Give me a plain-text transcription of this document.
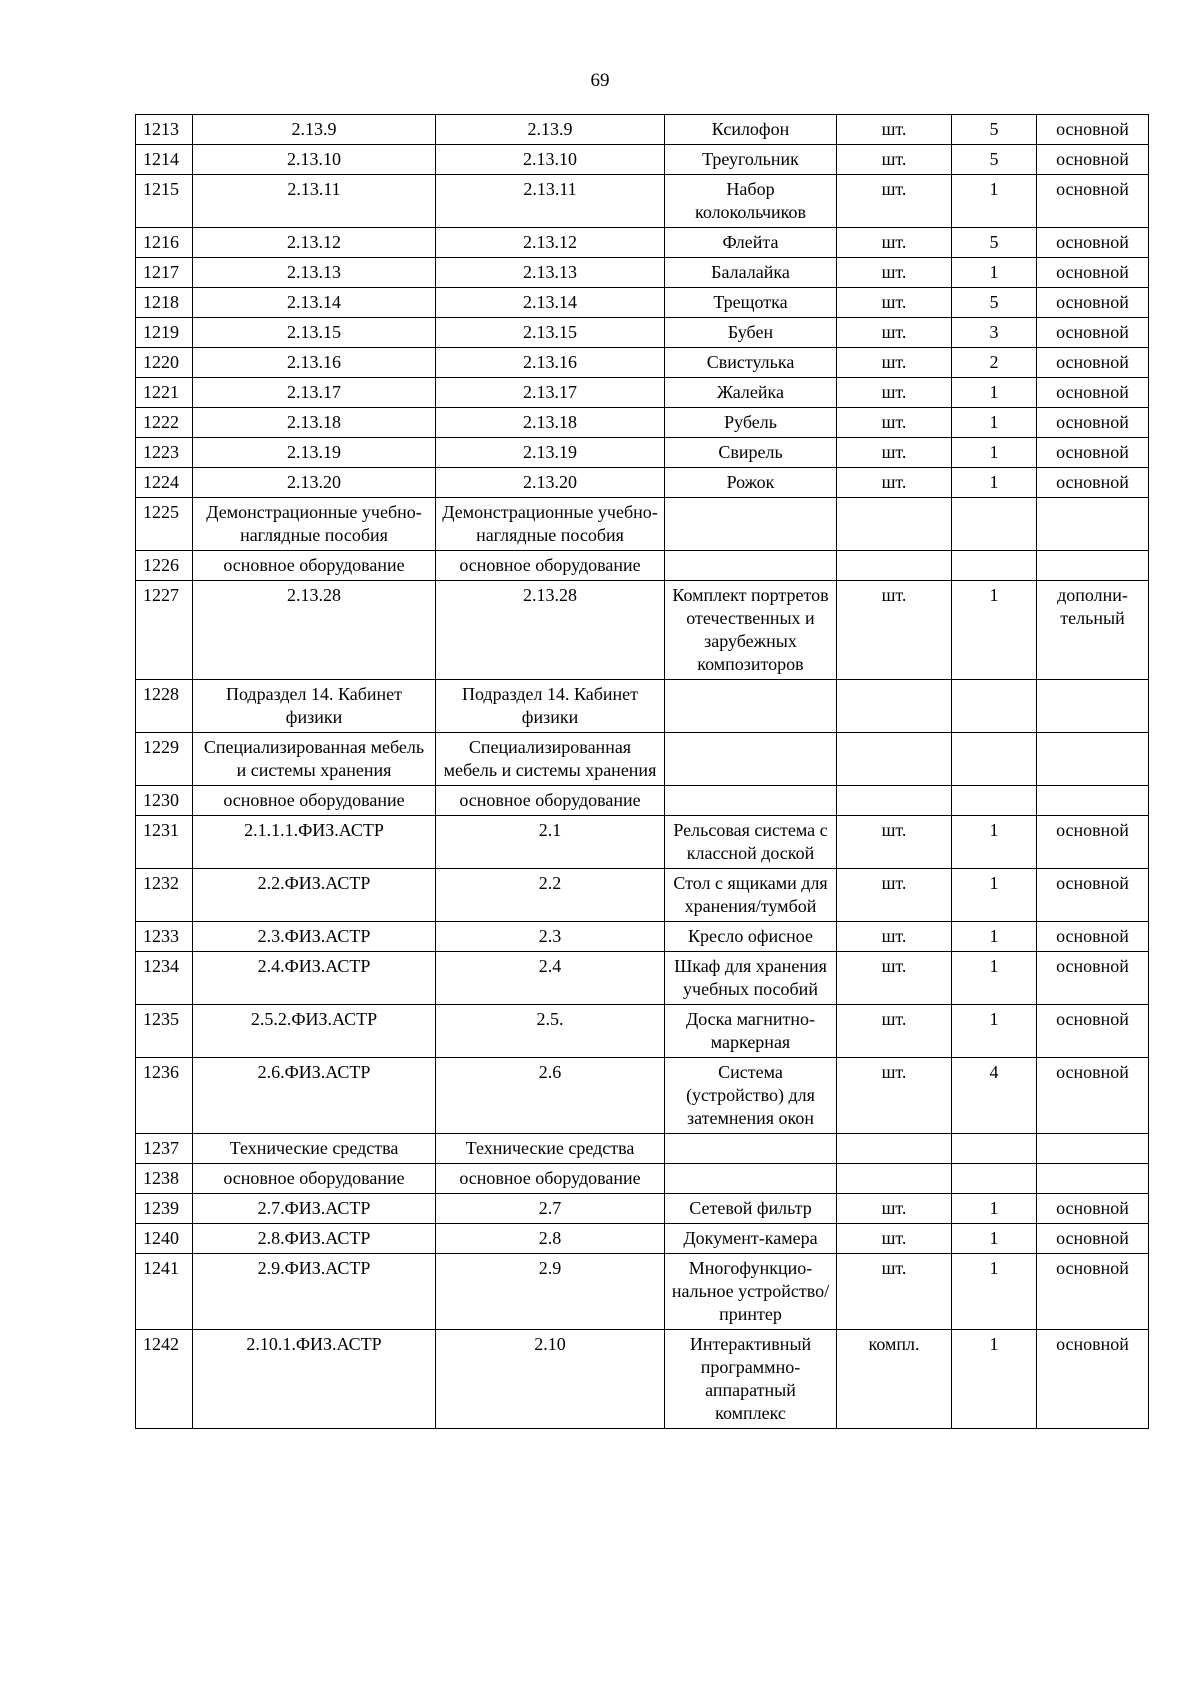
69
1213	2.13.9	2.13.9	Ксилофон	шт.	5	основной
1214	2.13.10	2.13.10	Треугольник	шт.	5	основной
1215	2.13.11	2.13.11	Набор колокольчиков	шт.	1	основной
1216	2.13.12	2.13.12	Флейта	шт.	5	основной
1217	2.13.13	2.13.13	Балалайка	шт.	1	основной
1218	2.13.14	2.13.14	Трещотка	шт.	5	основной
1219	2.13.15	2.13.15	Бубен	шт.	3	основной
1220	2.13.16	2.13.16	Свистулька	шт.	2	основной
1221	2.13.17	2.13.17	Жалейка	шт.	1	основной
1222	2.13.18	2.13.18	Рубель	шт.	1	основной
1223	2.13.19	2.13.19	Свирель	шт.	1	основной
1224	2.13.20	2.13.20	Рожок	шт.	1	основной
1225	Демонстрационные учебно-наглядные пособия	Демонстрационные учебно-наглядные пособия				
1226	основное оборудование	основное оборудование				
1227	2.13.28	2.13.28	Комплект портретов отечественных и зарубежных композиторов	шт.	1	дополни-тельный
1228	Подраздел 14. Кабинет физики	Подраздел 14. Кабинет физики				
1229	Специализированная мебель и системы хранения	Специализированная мебель и системы хранения				
1230	основное оборудование	основное оборудование				
1231	2.1.1.1.ФИЗ.АСТР	2.1	Рельсовая система с классной доской	шт.	1	основной
1232	2.2.ФИЗ.АСТР	2.2	Стол с ящиками для хранения/тумбой	шт.	1	основной
1233	2.3.ФИЗ.АСТР	2.3	Кресло офисное	шт.	1	основной
1234	2.4.ФИЗ.АСТР	2.4	Шкаф для хранения учебных пособий	шт.	1	основной
1235	2.5.2.ФИЗ.АСТР	2.5.	Доска магнитно-маркерная	шт.	1	основной
1236	2.6.ФИЗ.АСТР	2.6	Система (устройство) для затемнения окон	шт.	4	основной
1237	Технические средства	Технические средства				
1238	основное оборудование	основное оборудование				
1239	2.7.ФИЗ.АСТР	2.7	Сетевой фильтр	шт.	1	основной
1240	2.8.ФИЗ.АСТР	2.8	Документ-камера	шт.	1	основной
1241	2.9.ФИЗ.АСТР	2.9	Многофункцио-нальное устройство/ принтер	шт.	1	основной
1242	2.10.1.ФИЗ.АСТР	2.10	Интерактивный программно-аппаратный комплекс	компл.	1	основной
